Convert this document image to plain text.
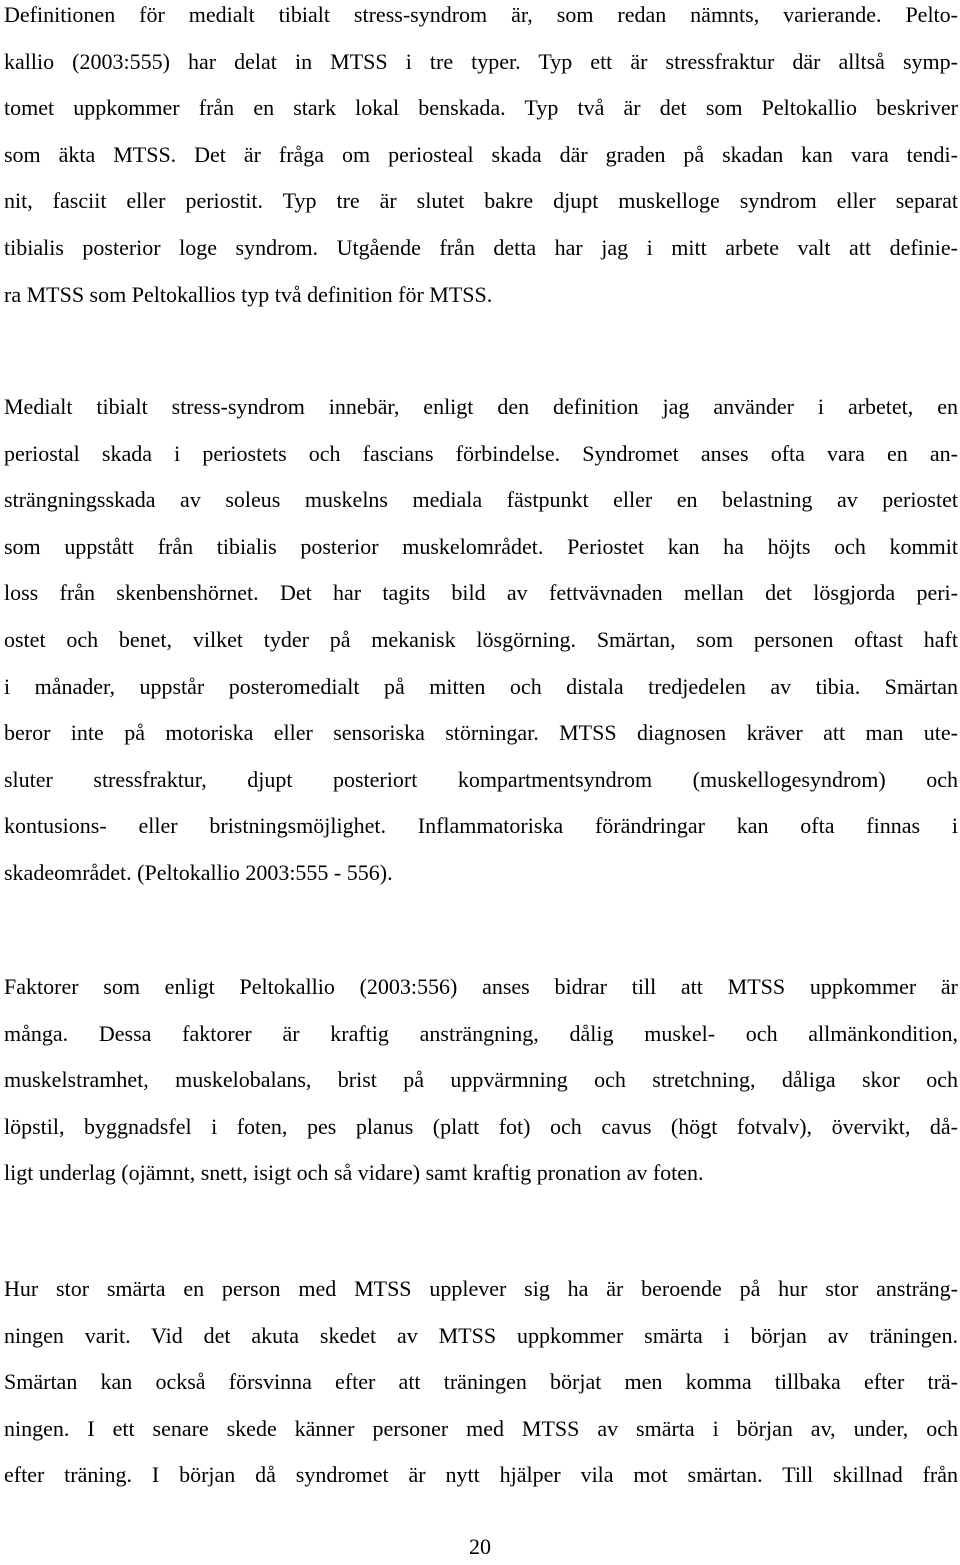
Definitionen för medialt tibialt stress-syndrom är, som redan nämnts, varierande. Pelto-
kallio (2003:555) har delat in MTSS i tre typer. Typ ett är stressfraktur där alltså symp-
tomet uppkommer från en stark lokal benskada. Typ två är det som Peltokallio beskriver
som äkta MTSS. Det är fråga om periosteal skada där graden på skadan kan vara tendi-
nit, fasciit eller periostit. Typ tre är slutet bakre djupt muskelloge syndrom eller separat
tibialis posterior loge syndrom. Utgående från detta har jag i mitt arbete valt att definie-
ra MTSS som Peltokallios typ två definition för MTSS.
Medialt tibialt stress-syndrom innebär, enligt den definition jag använder i arbetet, en
periostal skada i periostets och fascians förbindelse. Syndromet anses ofta vara en an-
strängningsskada av soleus muskelns mediala fästpunkt eller en belastning av periostet
som uppstått från tibialis posterior muskelområdet. Periostet kan ha höjts och kommit
loss från skenbenshörnet. Det har tagits bild av fettvävnaden mellan det lösgjorda peri-
ostet och benet, vilket tyder på mekanisk lösgörning. Smärtan, som personen oftast haft
i månader, uppstår posteromedialt på mitten och distala tredjedelen av tibia. Smärtan
beror inte på motoriska eller sensoriska störningar. MTSS diagnosen kräver att man ute-
sluter stressfraktur, djupt posteriort kompartmentsyndrom (muskellogesyndrom) och
kontusions- eller bristningsmöjlighet. Inflammatoriska förändringar kan ofta finnas i
skadeområdet. (Peltokallio 2003:555 - 556).
Faktorer som enligt Peltokallio (2003:556) anses bidrar till att MTSS uppkommer är
många. Dessa faktorer är kraftig ansträngning, dålig muskel- och allmänkondition,
muskelstramhet, muskelobalans, brist på uppvärmning och stretchning, dåliga skor och
löpstil, byggnadsfel i foten, pes planus (platt fot) och cavus (högt fotvalv), övervikt, då-
ligt underlag (ojämnt, snett, isigt och så vidare) samt kraftig pronation av foten.
Hur stor smärta en person med MTSS upplever sig ha är beroende på hur stor ansträng-
ningen varit. Vid det akuta skedet av MTSS uppkommer smärta i början av träningen.
Smärtan kan också försvinna efter att träningen börjat men komma tillbaka efter trä-
ningen. I ett senare skede känner personer med MTSS av smärta i början av, under, och
efter träning. I början då syndromet är nytt hjälper vila mot smärtan. Till skillnad från
20
